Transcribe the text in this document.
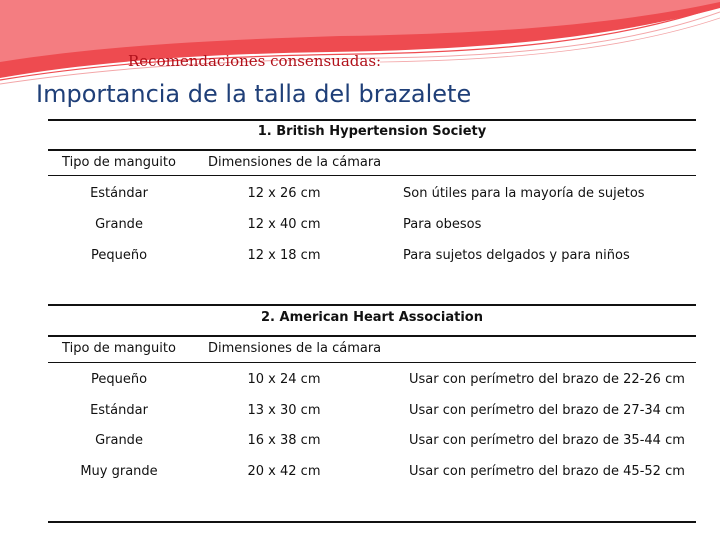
Recomendaciones consensuadas:
Importancia de la talla del brazalete
1. British Hypertension Society
Tipo de manguito	Dimensiones de la cámara
Estándar	12 x 26 cm	Son útiles para la mayoría de sujetos
Grande	12 x 40 cm	Para obesos
Pequeño	12 x 18 cm	Para sujetos delgados y para niños
2. American Heart Association
Tipo de manguito	Dimensiones de la cámara
Pequeño	10 x 24 cm	Usar con perímetro del brazo de 22-26 cm
Estándar	13 x 30 cm	Usar con perímetro del brazo de 27-34 cm
Grande	16 x 38 cm	Usar con perímetro del brazo de 35-44 cm
Muy grande	20 x 42 cm	Usar con perímetro del brazo de 45-52 cm
